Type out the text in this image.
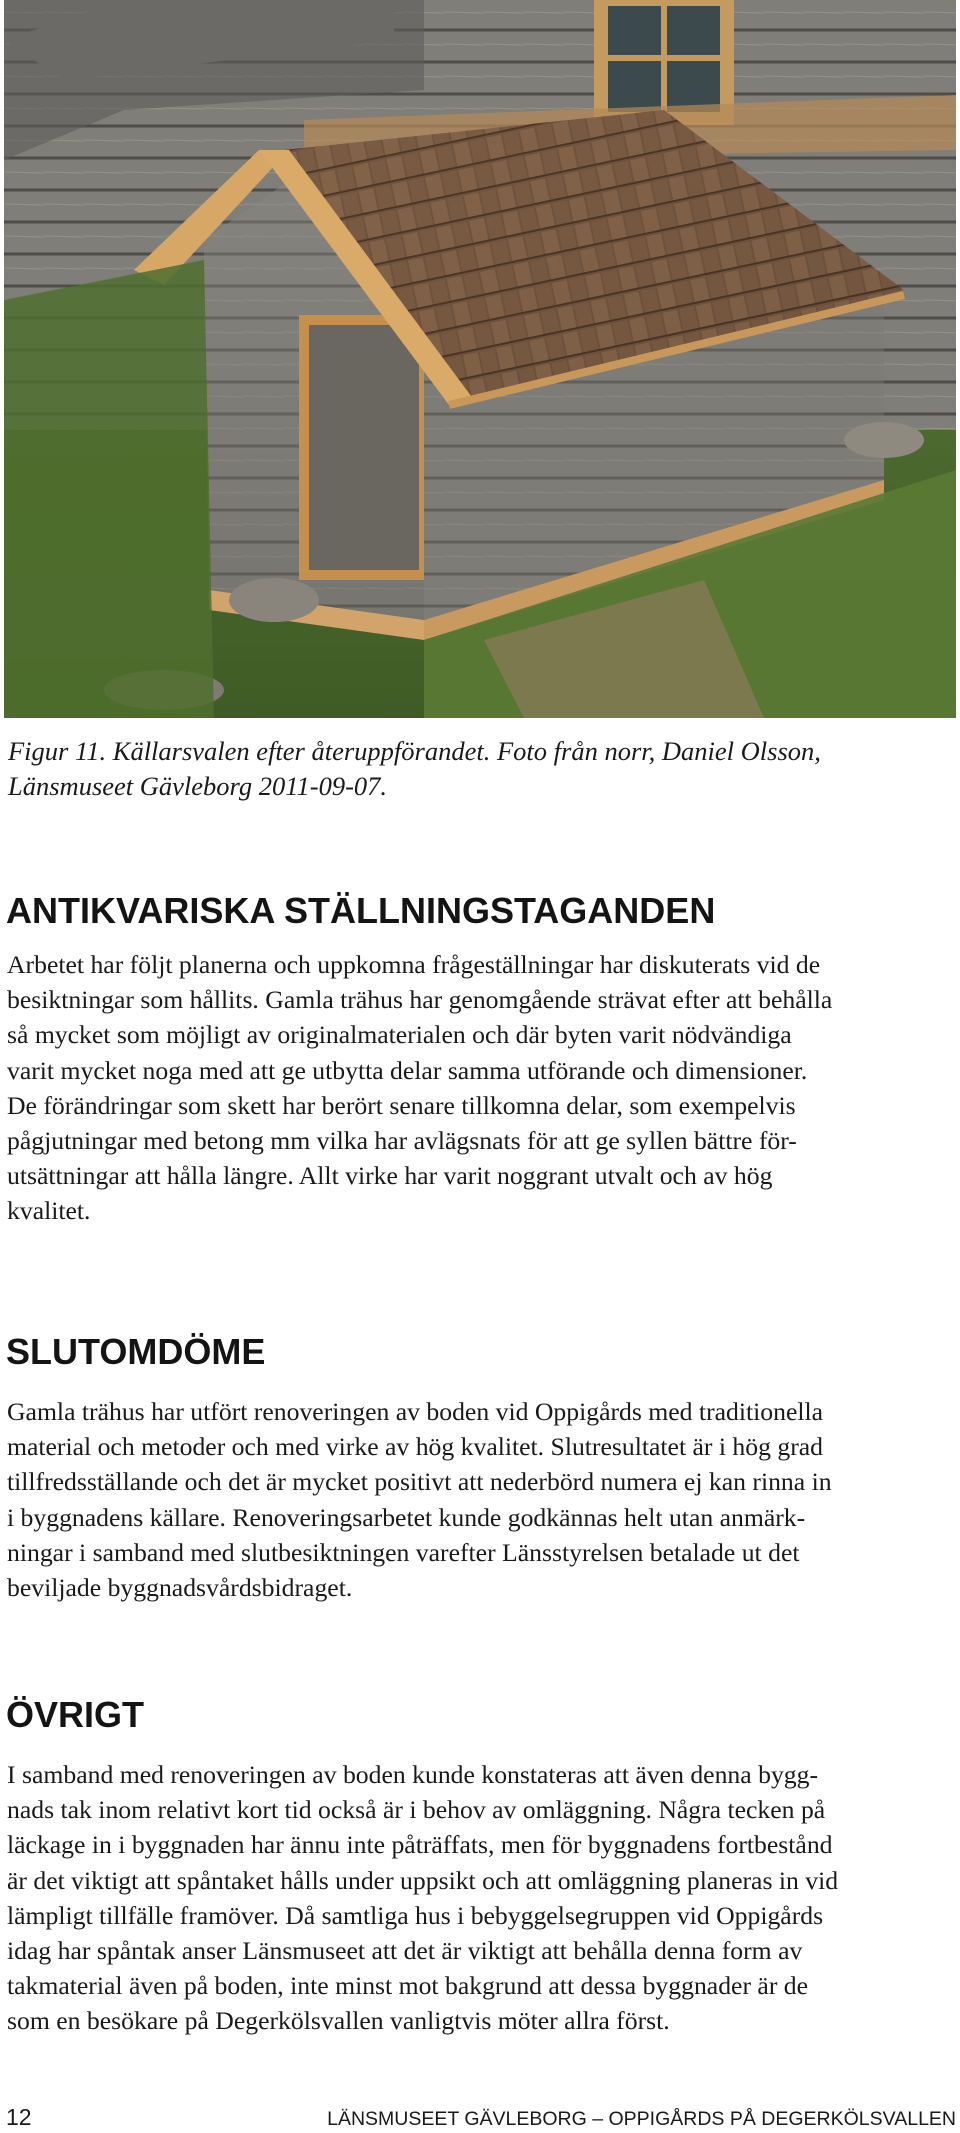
Figur 11. Källarsvalen efter återuppförandet. Foto från norr, Daniel Olsson,
Länsmuseet Gävleborg 2011-09-07.

ANTIKVARISKA STÄLLNINGSTAGANDEN

Arbetet har följt planerna och uppkomna frågeställningar har diskuterats vid de
besiktningar som hållits. Gamla trähus har genomgående strävat efter att behålla
så mycket som möjligt av originalmaterialen och där byten varit nödvändiga
varit mycket noga med att ge utbytta delar samma utförande och dimensioner.
De förändringar som skett har berört senare tillkomna delar, som exempelvis
pågjutningar med betong mm vilka har avlägsnats för att ge syllen bättre för-
utsättningar att hålla längre. Allt virke har varit noggrant utvalt och av hög
kvalitet.

SLUTOMDÖME

Gamla trähus har utfört renoveringen av boden vid Oppigårds med traditionella
material och metoder och med virke av hög kvalitet. Slutresultatet är i hög grad
tillfredsställande och det är mycket positivt att nederbörd numera ej kan rinna in
i byggnadens källare. Renoveringsarbetet kunde godkännas helt utan anmärk-
ningar i samband med slutbesiktningen varefter Länsstyrelsen betalade ut det
beviljade byggnadsvårdsbidraget.

ÖVRIGT

I samband med renoveringen av boden kunde konstateras att även denna bygg-
nads tak inom relativt kort tid också är i behov av omläggning. Några tecken på
läckage in i byggnaden har ännu inte påträffats, men för byggnadens fortbestånd
är det viktigt att spåntaket hålls under uppsikt och att omläggning planeras in vid
lämpligt tillfälle framöver. Då samtliga hus i bebyggelsegruppen vid Oppigårds
idag har spåntak anser Länsmuseet att det är viktigt att behålla denna form av
takmaterial även på boden, inte minst mot bakgrund att dessa byggnader är de
som en besökare på Degerkölsvallen vanligtvis möter allra först.

12	LÄNSMUSEET GÄVLEBORG – OPPIGÅRDS PÅ DEGERKÖLSVALLEN
